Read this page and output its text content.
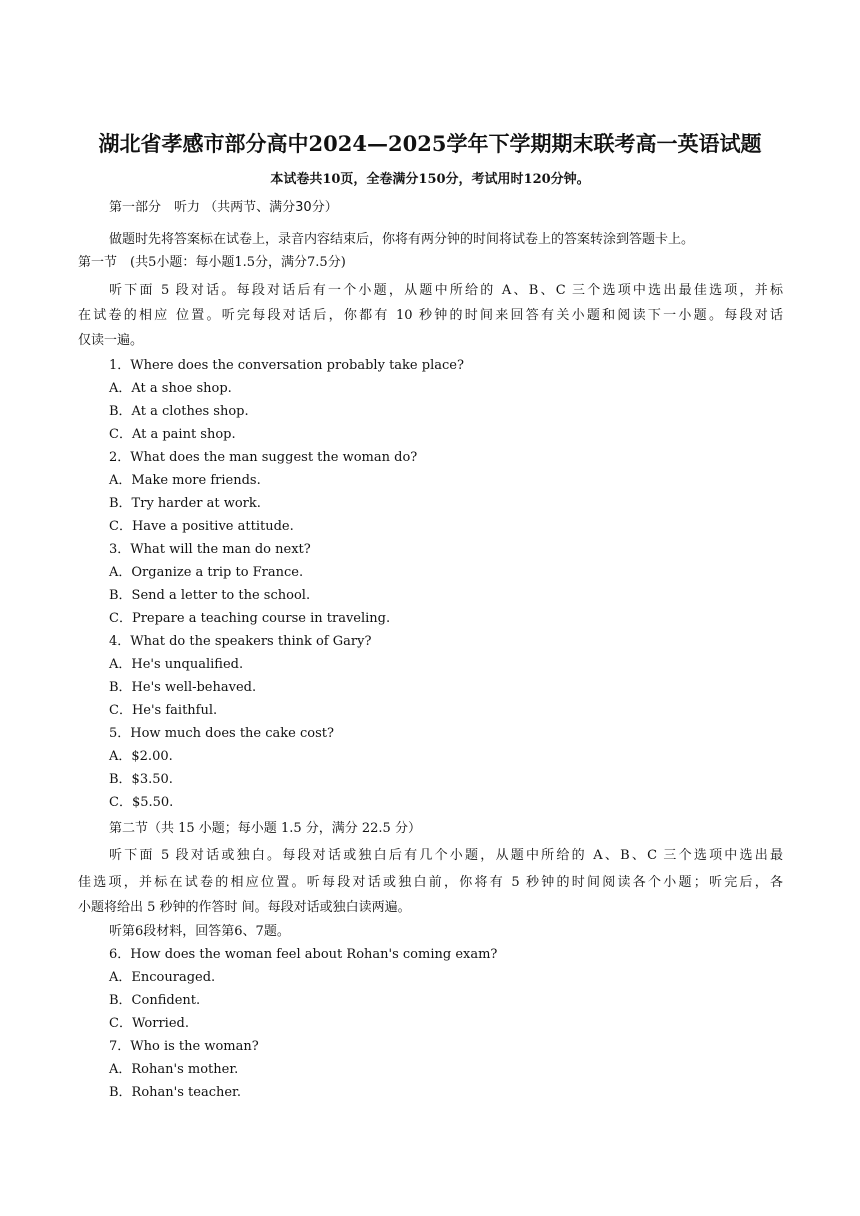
湖北省孝感市部分高中2024—2025学年下学期期末联考高一英语试题
本试卷共10页，全卷满分150分，考试用时120分钟。
第一部分　听力 （共两节、满分30分）
做题时先将答案标在试卷上，录音内容结束后，你将有两分钟的时间将试卷上的答案转涂到答题卡上。
第一节　(共5小题：每小题1.5分，满分7.5分)
听下面 5 段对话。每段对话后有一个小题，从题中所给的 A、B、C 三个选项中选出最佳选项，并标
在试卷的相应 位置。听完每段对话后，你都有 10 秒钟的时间来回答有关小题和阅读下一小题。每段对话
仅读一遍。
1．Where does the conversation probably take place?
A．At a shoe shop.
B．At a clothes shop.
C．At a paint shop.
2．What does the man suggest the woman do?
A．Make more friends.
B．Try harder at work.
C．Have a positive attitude.
3．What will the man do next?
A．Organize a trip to France.
B．Send a letter to the school.
C．Prepare a teaching course in traveling.
4．What do the speakers think of Gary?
A．He's unqualified.
B．He's well-behaved.
C．He's faithful.
5．How much does the cake cost?
A．$2.00.
B．$3.50.
C．$5.50.
第二节（共 15 小题；每小题 1.5 分，满分 22.5 分）
听下面 5 段对话或独白。每段对话或独白后有几个小题，从题中所给的 A、B、C 三个选项中选出最
佳选项，并标在试卷的相应位置。听每段对话或独白前，你将有 5 秒钟的时间阅读各个小题；听完后，各
小题将给出 5 秒钟的作答时 间。每段对话或独白读两遍。
听第6段材料，回答第6、7题。
6．How does the woman feel about Rohan's coming exam?
A．Encouraged.
B．Confident.
C．Worried.
7．Who is the woman?
A．Rohan's mother.
B．Rohan's teacher.
